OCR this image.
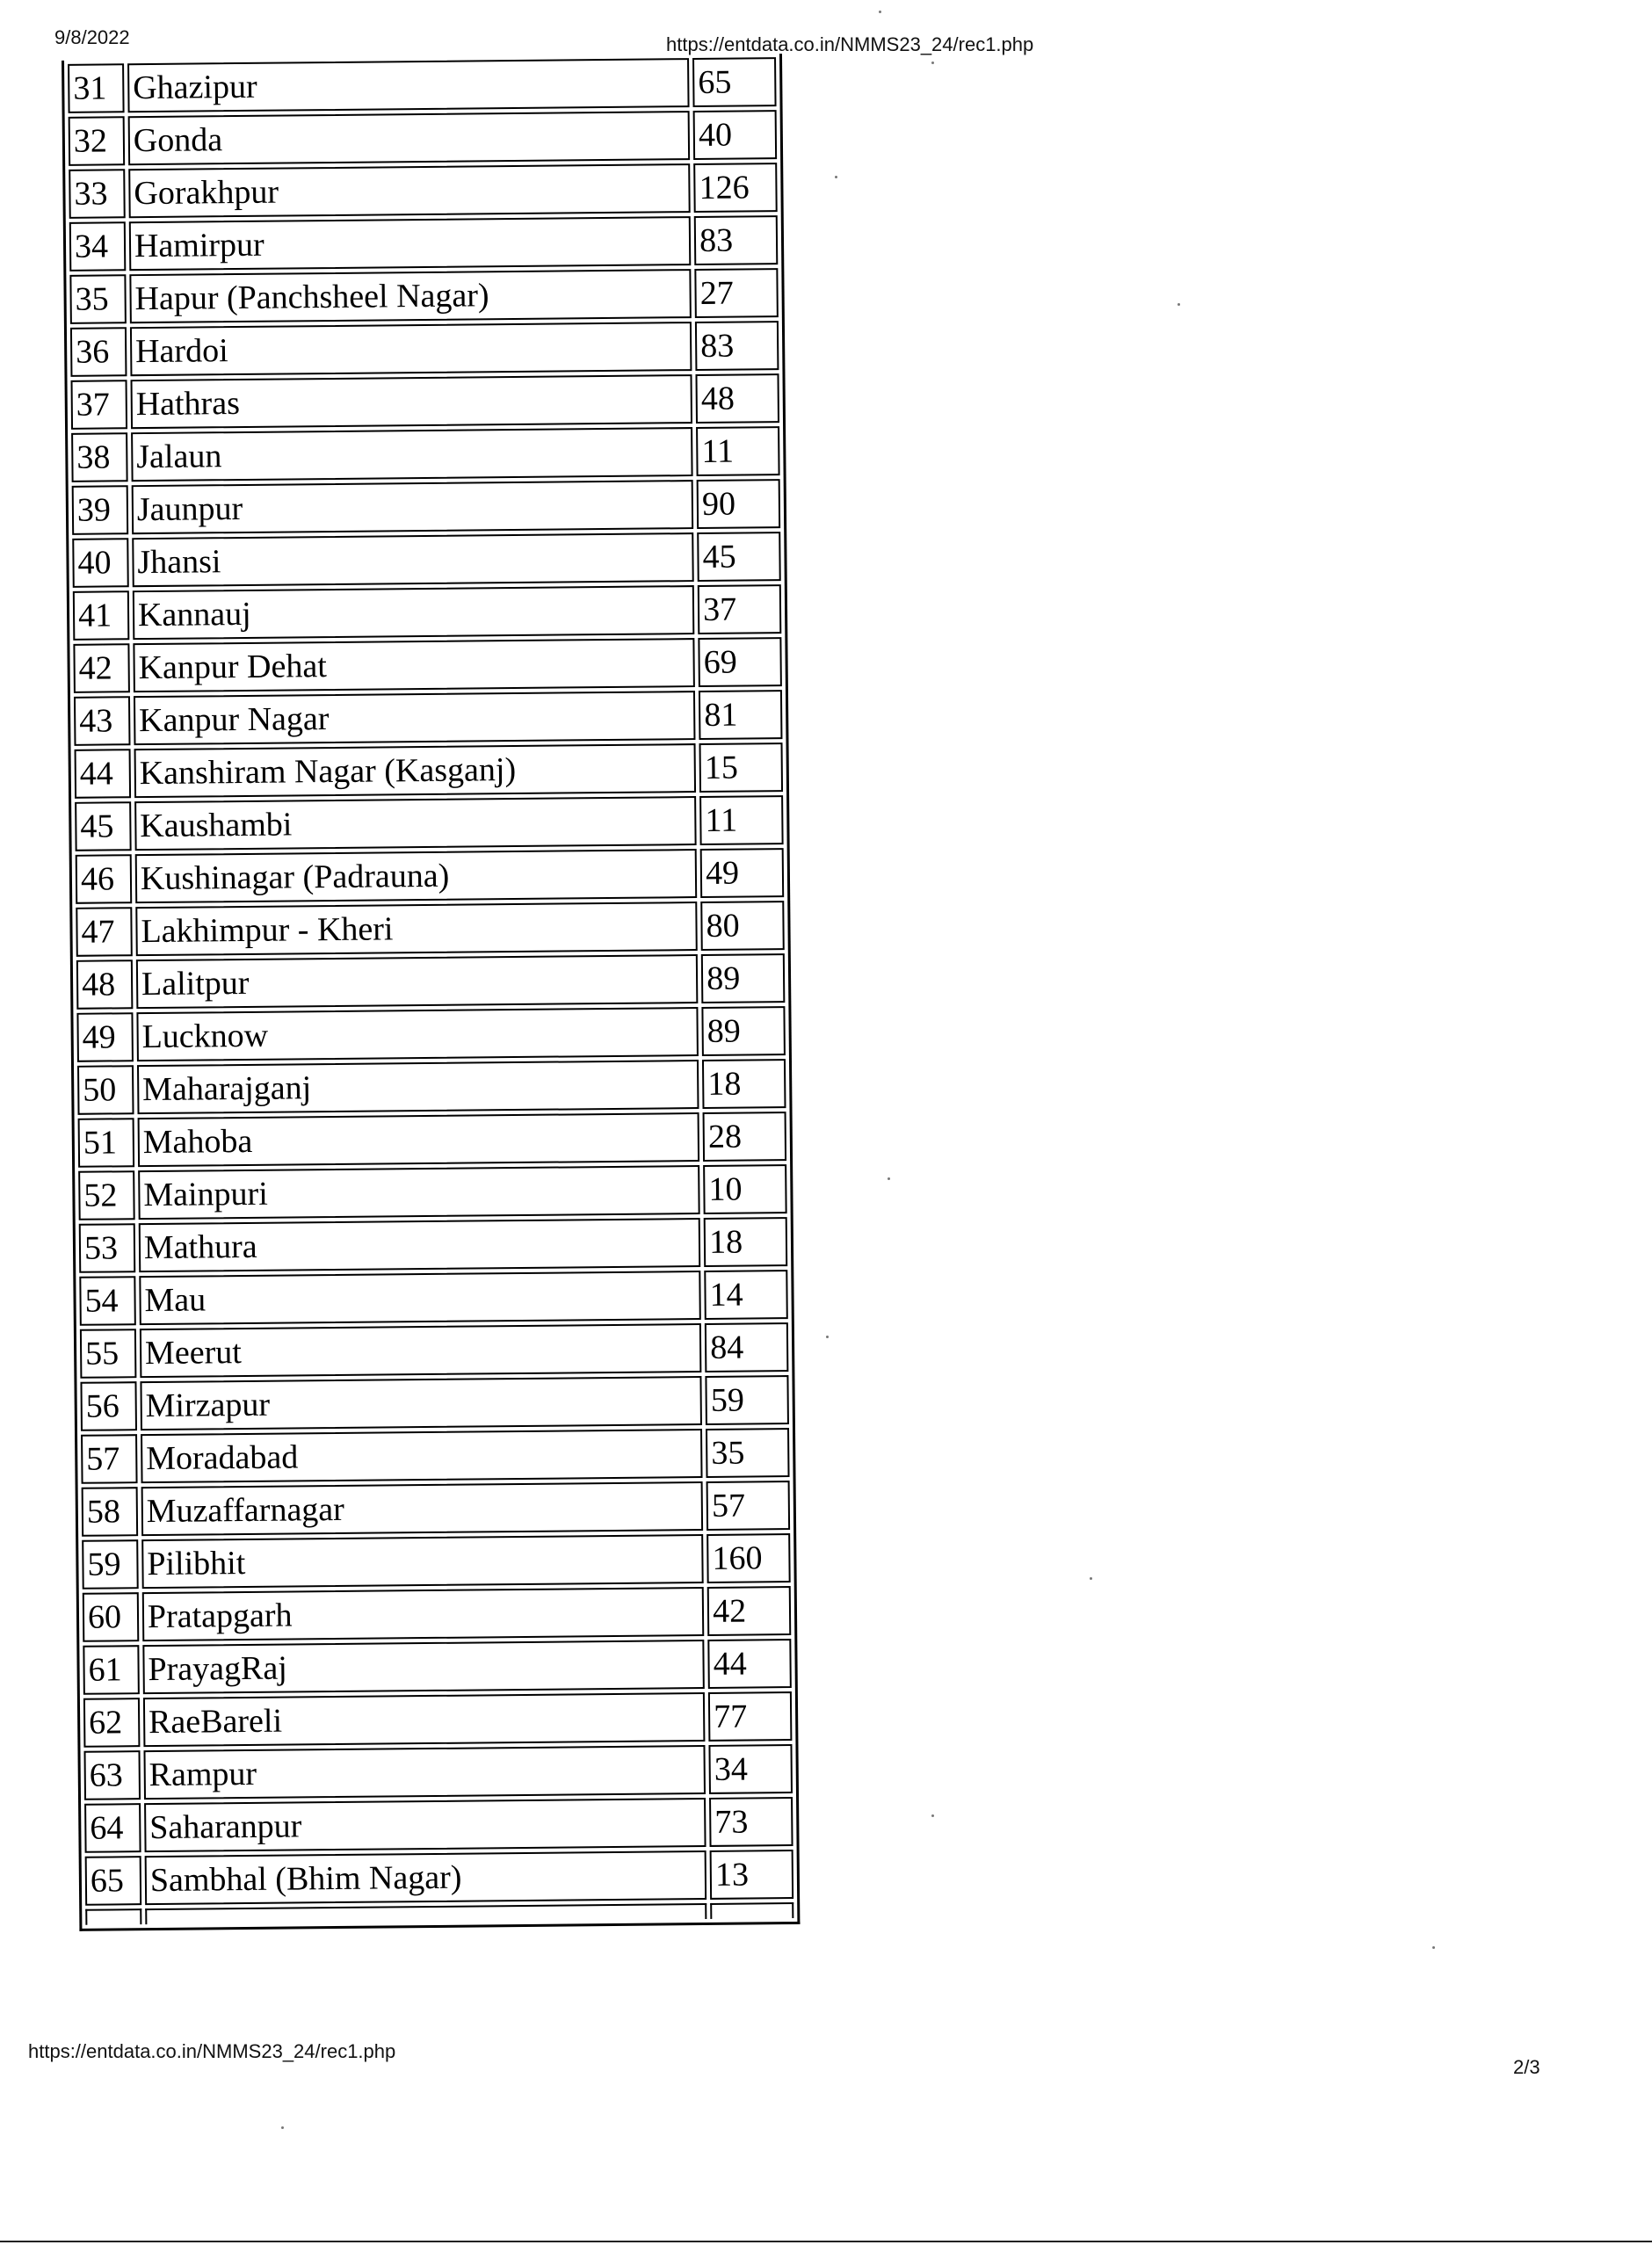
9/8/2022	https://entdata.co.in/NMMS23_24/rec1.php
31	Ghazipur	65
32	Gonda	40
33	Gorakhpur	126
34	Hamirpur	83
35	Hapur (Panchsheel Nagar)	27
36	Hardoi	83
37	Hathras	48
38	Jalaun	11
39	Jaunpur	90
40	Jhansi	45
41	Kannauj	37
42	Kanpur Dehat	69
43	Kanpur Nagar	81
44	Kanshiram Nagar (Kasganj)	15
45	Kaushambi	11
46	Kushinagar (Padrauna)	49
47	Lakhimpur - Kheri	80
48	Lalitpur	89
49	Lucknow	89
50	Maharajganj	18
51	Mahoba	28
52	Mainpuri	10
53	Mathura	18
54	Mau	14
55	Meerut	84
56	Mirzapur	59
57	Moradabad	35
58	Muzaffarnagar	57
59	Pilibhit	160
60	Pratapgarh	42
61	PrayagRaj	44
62	RaeBareli	77
63	Rampur	34
64	Saharanpur	73
65	Sambhal (Bhim Nagar)	13

https://entdata.co.in/NMMS23_24/rec1.php
2/3
